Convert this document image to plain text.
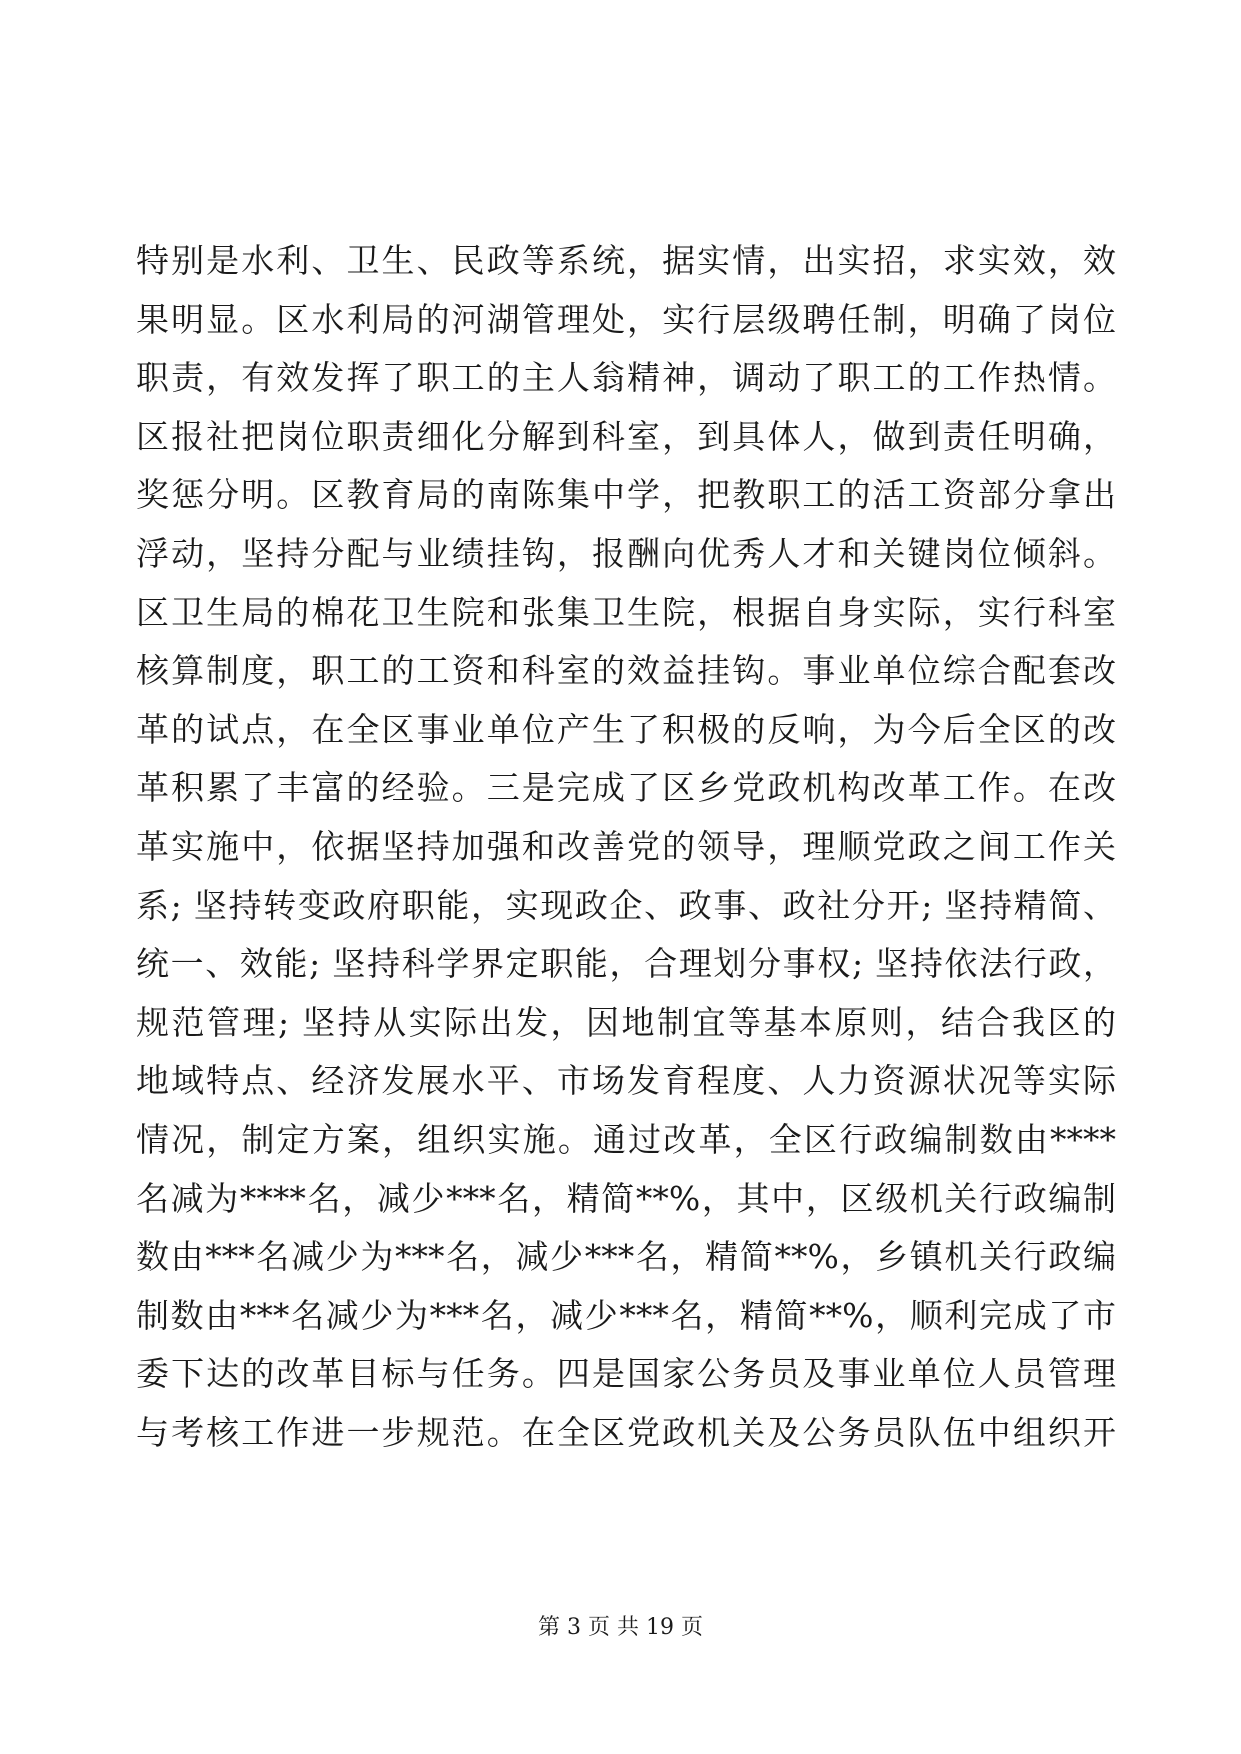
特别是水利、卫生、民政等系统，据实情，出实招，求实效，效
果明显。区水利局的河湖管理处，实行层级聘任制，明确了岗位
职责，有效发挥了职工的主人翁精神，调动了职工的工作热情。
区报社把岗位职责细化分解到科室，到具体人，做到责任明确，
奖惩分明。区教育局的南陈集中学，把教职工的活工资部分拿出
浮动，坚持分配与业绩挂钩，报酬向优秀人才和关键岗位倾斜。
区卫生局的棉花卫生院和张集卫生院，根据自身实际，实行科室
核算制度，职工的工资和科室的效益挂钩。事业单位综合配套改
革的试点，在全区事业单位产生了积极的反响，为今后全区的改
革积累了丰富的经验。三是完成了区乡党政机构改革工作。在改
革实施中，依据坚持加强和改善党的领导，理顺党政之间工作关
系; 坚持转变政府职能，实现政企、政事、政社分开; 坚持精简、
统一、效能; 坚持科学界定职能，合理划分事权; 坚持依法行政，
规范管理; 坚持从实际出发，因地制宜等基本原则，结合我区的
地域特点、经济发展水平、市场发育程度、人力资源状况等实际
情况，制定方案，组织实施。通过改革，全区行政编制数由****
名减为****名，减少***名，精简**%，其中，区级机关行政编制
数由***名减少为***名，减少***名，精简**%，乡镇机关行政编
制数由***名减少为***名，减少***名，精简**%，顺利完成了市
委下达的改革目标与任务。四是国家公务员及事业单位人员管理
与考核工作进一步规范。在全区党政机关及公务员队伍中组织开
第 3 页 共 19 页
